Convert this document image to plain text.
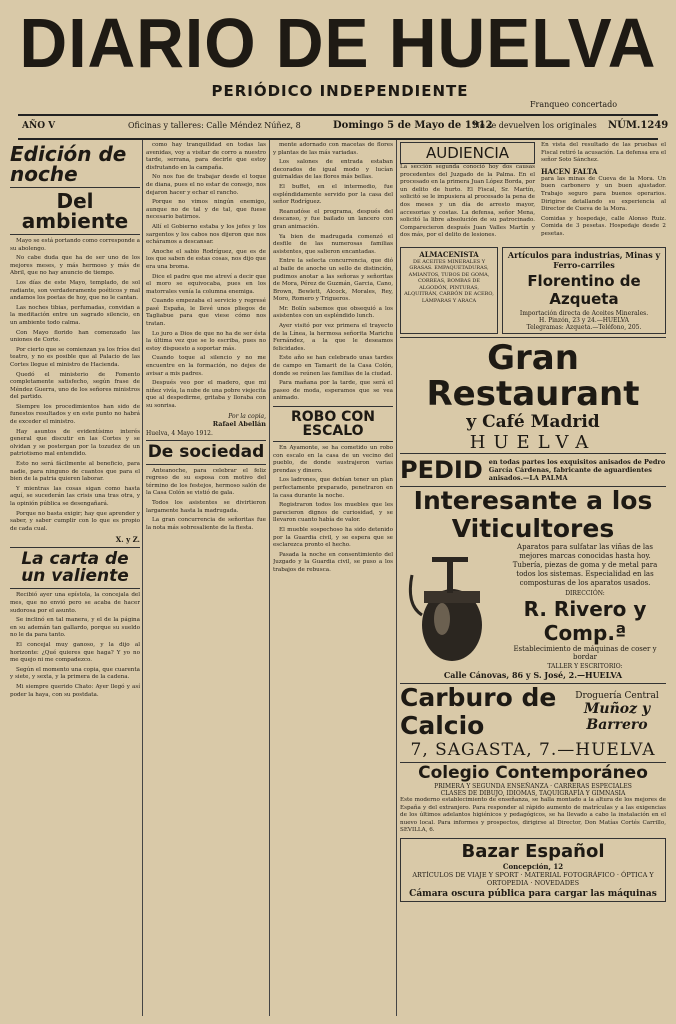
DIARIO DE HUELVA
PERIÓDICO INDEPENDIENTE
Franqueo concertado
AÑO V	Oficinas y talleres: Calle Méndez Núñez, 8	Domingo 5 de Mayo de 1912
No se devuelven los originales NÚM.1249
Edición de noche
Del ambiente

Mayo se está portando como corresponde a su abolengo.

No cabe duda que ha de ser uno de los mejores meses, y más hermoso y más de Abril, que no hay anuncio de tiempo.

Los días de este Mayo, templado, de sol radiante, son verdaderamente poéticos y mal andamos los poetas de hoy, que no le cantan.

Las noches tibias, perfumadas, convidan a la meditación entre un sagrado silencio, en un ambiente todo calma.

Con Mayo florido han comenzado las uniones de Corte.

Por cierto que se comienzan ya los fríos del teatro, y no es posible que al Palacio de las Cortes llegue el ministro de Hacienda.

Quedó el ministerio de Fomento completamente satisfecho, según frase de Méndez Guerra, uno de los señores ministros del partido.

Siempre los procedimientos han sido de funestos resultados y en este punto no habrá de exceder el ministro.

Hay asuntos de evidentísimo interés general que discutir en las Cortes y se olvidan y se postergan por la tozudez de un patriotismo mal entendido.

Esto no será fácilmente al beneficio, para nadie, para ninguno de cuantos que para el bien de la patria quieren laborar.

Y mientras las cosas sigan como hasta aquí, se sucederán las crisis una tras otra, y la opinión pública se desengañará.

Porque no basta exigir; hay que aprender y saber, y saber cumplir con lo que es propio de cada cual.

X. y Z.
La carta de un valiente

Recibió ayer una epístola, la concejala del mes, que no envió pero se acaba de hacer sudorosa por el asunto.

Se inclinó en tal manera, y el de la página en su ademán tan gallardo, porque su sueldo no le da para tanto.

El concejal muy ganoso, y la dijo al horizonte: ¿Qué quieres que haga? Y yo no me quejo ni me compadezco.

Según el momento una copia, que cuarenta y siete, y sexta, y la primera de la cadena.

Mi siempre querido Chato: Ayer llegó y así poder la haya, con su postdata.

como hay tranquilidad en todas las avenidas, voy a visitar de corro a nuestro tarde, serrana, para decirle que estoy disfrutando en la campaña.

No nos fue de trabajar desde el toque de diana, pues el no estar de consejo, nos dejaron hacer y echar el rancho.

Porque no vimos ningún enemigo, aunque no de tal y de tal, que fuese necesario batirnos.

Allí el Gobierno estaba y los jefes y los sargentos y los cabos nos dijeron que nos echáramos a descansar.

Anoche el sabio Rodríguez, que es de los que saben de estas cosas, nos dijo que era una broma.

Dice el padre que me atreví a decir que el moro se equivocaba, pues en los matorrales venía la columna enemiga.

Cuando empezaba el servicio y regresé pasé España, le llevé unos pliegos de Tagliabue para que viese cómo nos tratan.

Lo juro a Dios de que no ha de ser ésta la última vez que se lo escriba, pues no estoy dispuesto a soportar más.

Cuando toque al silencio y no me encuentre en la formación, no dejes de avisar a mis padres.

Después veo por el madero, que mi niñez vivía, la nube de una pobre viejecita que al despedirme, gritaba y lloraba con su sonrisa.

Por la copia,
Rafael Abellán
Huelva, 4 Mayo 1912.
De sociedad

Anteanoche, para celebrar el feliz regreso de su esposa con motivo del término de los festejos, hermoso salón de la Casa Colón se vistió de gala.

Todos los asistentes se divirtieron largamente hasta la madrugada.

La gran concurrencia de señoritas fue la nota más sobresaliente de la fiesta.

mente adornado con macetas de flores y plantas de las más variadas.

Los salones de entrada estaban decorados de igual modo y lucían guirnaldas de las flores más bellas.

El buffet, en el intermedio, fue espléndidamente servido por la casa del señor Rodríguez.

Reanudóse el programa, después del descanso, y fue bailado un lancero con gran animación.

Ya bien de madrugada comenzó el desfile de las numerosas familias asistentes, que salieron encantadas.

Entre la selecta concurrencia, que dió al baile de anoche un sello de distinción, pudimos anotar a las señoras y señoritas de Mora, Pérez de Guzmán, Garcia, Cano, Brown, Bewlett, Alcock, Morales, Rey, Moro, Romero y Trigueros.

Mr. Bolín sabemos que obsequió a los asistentes con un espléndido lunch.

Ayer visitó por vez primera el trayecto de la Línea, la hermosa señorita Marichu Fernández, a la que le deseamos felicidades.

Este año se han celebrado unas tardes de campo en Tamarit de la Casa Colón, donde se reúnen las familias de la ciudad.

Para mañana por la tarde, que será el paseo de moda, esperamos que se vea animado.

ROBO CON ESCALO

En Ayamonte, se ha cometido un robo con escalo en la casa de un vecino del pueblo, de donde sustrajeron varias prendas y dinero.

Los ladrones, que debían tener un plan perfectamente preparado, penetraron en la casa durante la noche.

Registraron todos los muebles que les parecieron dignos de curiosidad, y se llevaron cuanto había de valor.

El mueble sospechoso ha sido detenido por la Guardia civil, y se espera que se esclarezca pronto el hecho.

Pasada la noche en consentimiento del Juzgado y la Guardia civil, se puso a los trabajos de rebusca.

AUDIENCIA
La sección segunda conoció hoy dos causas procedentes del Juzgado de la Palma. En el procesado en la primera Juan López Borda, por un delito de hurto. El Fiscal, Sr. Martín, solicitó se le impusiera al procesado la pena de dos meses y un día de arresto mayor, accesorias y costas. La defensa, señor Mena, solicitó la libre absolución de su patrocinado. Comparecieron después Juan Valles Martín y dos más, por el delito de lesiones.
En vista del resultado de las pruebas el Fiscal retiró la acusación. La defensa era el señor Soto Sánchez.
HACEN FALTA
para las minas de Cueva de la Mora. Un buen carbonero y un buen ajustador. Trabajo seguro para buenos operarios. Dirigirse detallando su experiencia al Director de Cueva de la Mora.
Comidas y hospedaje, calle Alonso Ruiz. Comida de 3 pesetas. Hospedaje desde 2 pesetas.
ALMACENISTA
DE ACEITES MINERALES Y GRASAS. EMPAQUETADURAS, AMIANTOS, TUBOS DE GOMA, CORREAS, BOMBAS DE ALGODÓN, PINTURAS, ALQUITRÁN, CARBÓN DE ACERO, LÁMPARAS Y ARACA
Artículos para industrias, Minas y Ferro-carriles
Florentino de Azqueta
Importación directa de Aceites Minerales.
H. Pinzón, 23 y 24.—HUELVA
Telegramas: Azqueta.—Teléfono, 205.
Gran Restaurant
y Café Madrid
HUELVA
PEDID en todas partes los exquisitos anisados de Pedro García Cárdenas, fabricante de aguardientes anisados.—LA PALMA
Interesante a los Viticultores
Aparatos para sulfatar las viñas de las mejores marcas conocidas hasta hoy. Tubería, piezas de goma y de metal para todos los sistemas. Especialidad en las composturas de los aparatos usados.
DIRECCIÓN:
R. Rivero y Comp.ª
Establecimiento de máquinas de coser y bordar
TALLER Y ESCRITORIO:
Calle Cánovas, 86 y S. José, 2.—HUELVA
Carburo de Calcio
Droguería Central
Muñoz y Barrero
7, SAGASTA, 7.—HUELVA
Colegio Contemporáneo
PRIMERA Y SEGUNDA ENSEÑANZA · CARRERAS ESPECIALES
CLASES DE DIBUJO, IDIOMAS, TAQUIGRAFÍA Y GIMNASIA
Este moderno establecimiento de enseñanza, se halla montado a la altura de los mejores de España y del extranjero. Para responder al rápido aumento de matrículas y a las exigencias de los últimos adelantos higiénicos y pedagógicos, se ha llevado a cabo la instalación en el nuevo local. Para informes y prospectos, dirigirse al Director, Don Matías Cortés Carrillo, SEVILLA, 6.
Bazar Español
Concepción, 12
ARTÍCULOS DE VIAJE Y SPORT · MATERIAL FOTOGRÁFICO · ÓPTICA Y ORTOPEDIA · NOVEDADES
Cámara oscura pública para cargar las máquinas
